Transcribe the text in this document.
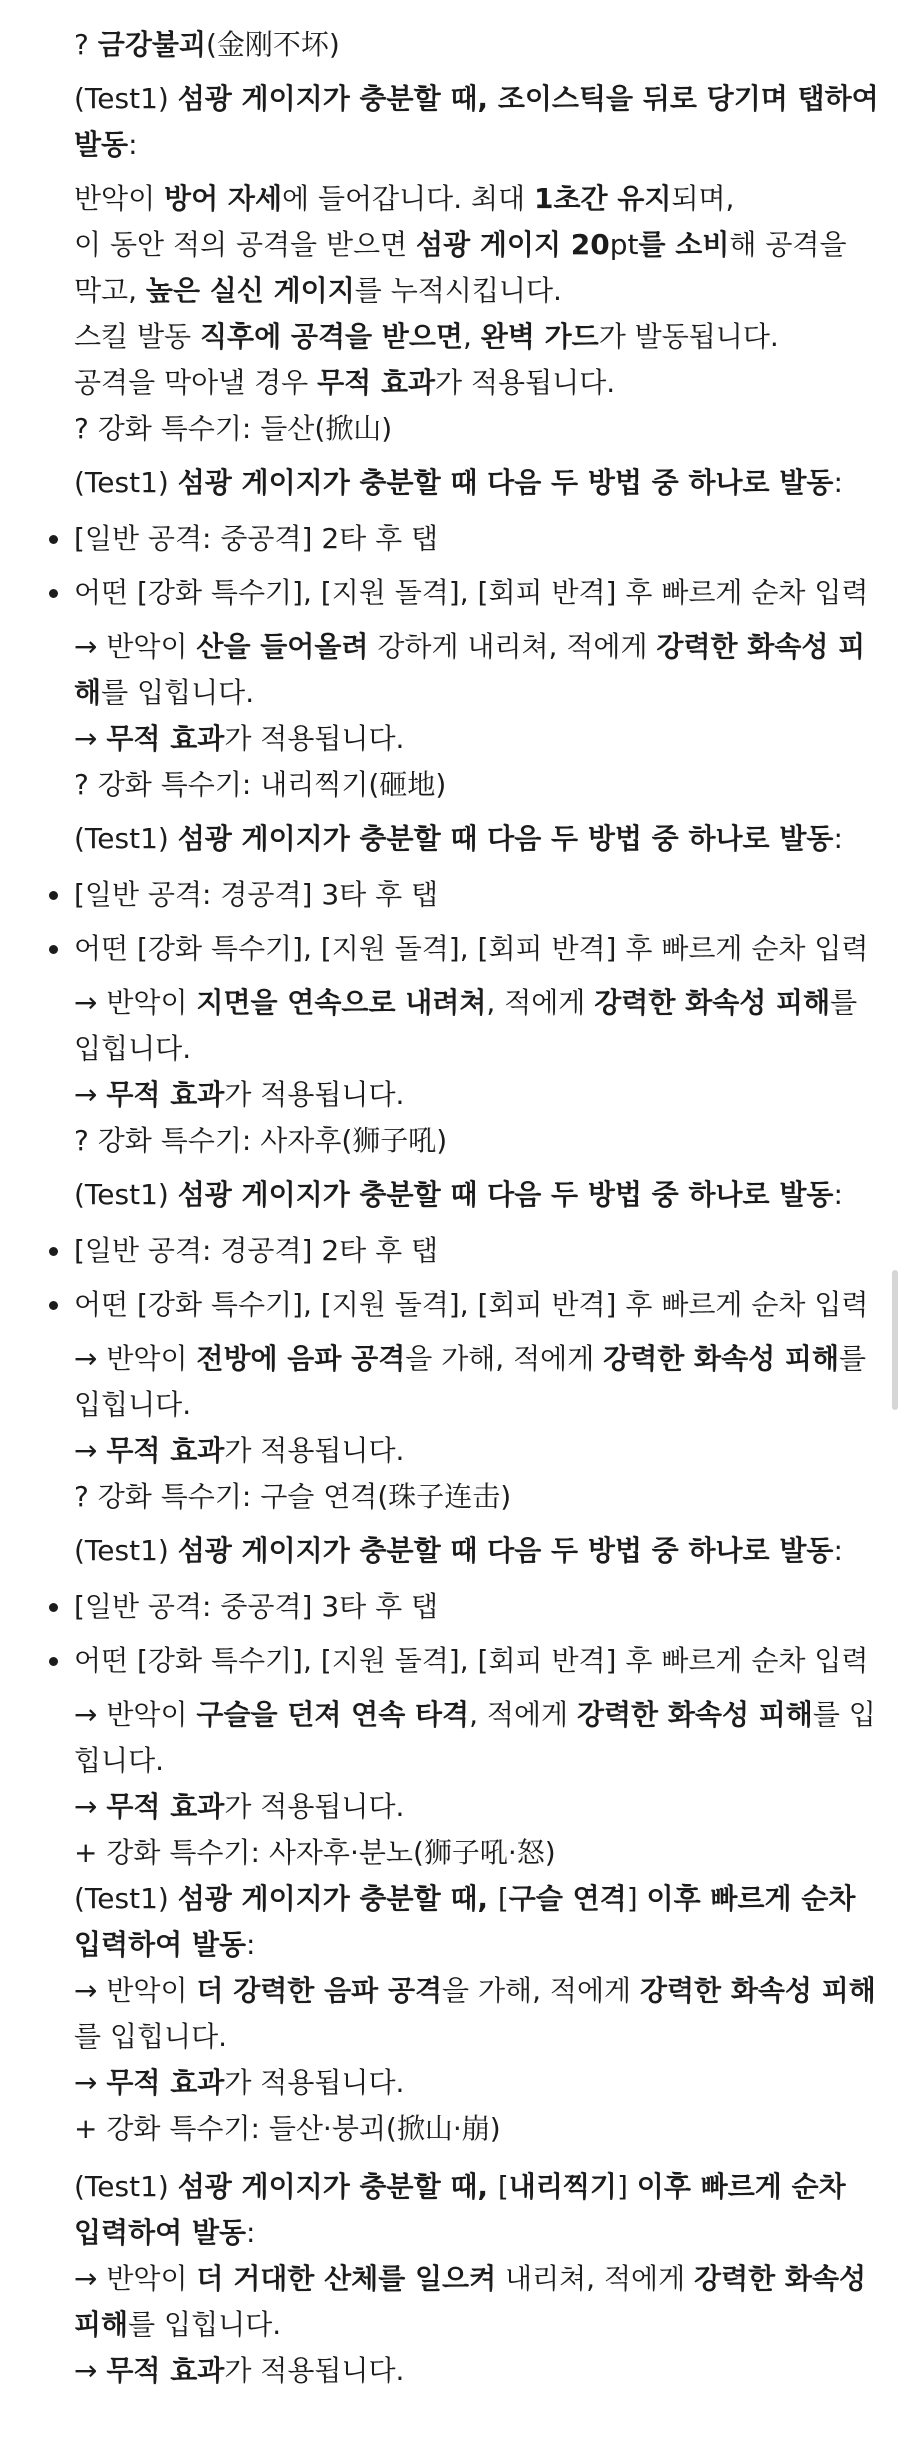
? 금강불괴(金刚不坏)

(Test1) 섬광 게이지가 충분할 때, 조이스틱을 뒤로 당기며 탭하여 발동:

반악이 방어 자세에 들어갑니다. 최대 1초간 유지되며,

이 동안 적의 공격을 받으면 섬광 게이지 20pt를 소비해 공격을 막고, 높은 실신 게이지를 누적시킵니다.

스킬 발동 직후에 공격을 받으면, 완벽 가드가 발동됩니다.

공격을 막아낼 경우 무적 효과가 적용됩니다.

? 강화 특수기: 들산(掀山)

(Test1) 섬광 게이지가 충분할 때 다음 두 방법 중 하나로 발동:

[일반 공격: 중공격] 2타 후 탭
어떤 [강화 특수기], [지원 돌격], [회피 반격] 후 빠르게 순차 입력

→ 반악이 산을 들어올려 강하게 내리쳐, 적에게 강력한 화속성 피해를 입힙니다.

→ 무적 효과가 적용됩니다.

? 강화 특수기: 내리찍기(砸地)

(Test1) 섬광 게이지가 충분할 때 다음 두 방법 중 하나로 발동:

[일반 공격: 경공격] 3타 후 탭
어떤 [강화 특수기], [지원 돌격], [회피 반격] 후 빠르게 순차 입력

→ 반악이 지면을 연속으로 내려쳐, 적에게 강력한 화속성 피해를 입힙니다.

→ 무적 효과가 적용됩니다.

? 강화 특수기: 사자후(狮子吼)

(Test1) 섬광 게이지가 충분할 때 다음 두 방법 중 하나로 발동:

[일반 공격: 경공격] 2타 후 탭
어떤 [강화 특수기], [지원 돌격], [회피 반격] 후 빠르게 순차 입력

→ 반악이 전방에 음파 공격을 가해, 적에게 강력한 화속성 피해를 입힙니다.

→ 무적 효과가 적용됩니다.

? 강화 특수기: 구슬 연격(珠子连击)

(Test1) 섬광 게이지가 충분할 때 다음 두 방법 중 하나로 발동:

[일반 공격: 중공격] 3타 후 탭
어떤 [강화 특수기], [지원 돌격], [회피 반격] 후 빠르게 순차 입력

→ 반악이 구슬을 던져 연속 타격, 적에게 강력한 화속성 피해를 입힙니다.

→ 무적 효과가 적용됩니다.

+ 강화 특수기: 사자후·분노(狮子吼·怒)

(Test1) 섬광 게이지가 충분할 때, [구슬 연격] 이후 빠르게 순차 입력하여 발동:

→ 반악이 더 강력한 음파 공격을 가해, 적에게 강력한 화속성 피해를 입힙니다.

→ 무적 효과가 적용됩니다.

+ 강화 특수기: 들산·붕괴(掀山·崩)

(Test1) 섬광 게이지가 충분할 때, [내리찍기] 이후 빠르게 순차 입력하여 발동:

→ 반악이 더 거대한 산체를 일으켜 내리쳐, 적에게 강력한 화속성 피해를 입힙니다.

→ 무적 효과가 적용됩니다.
